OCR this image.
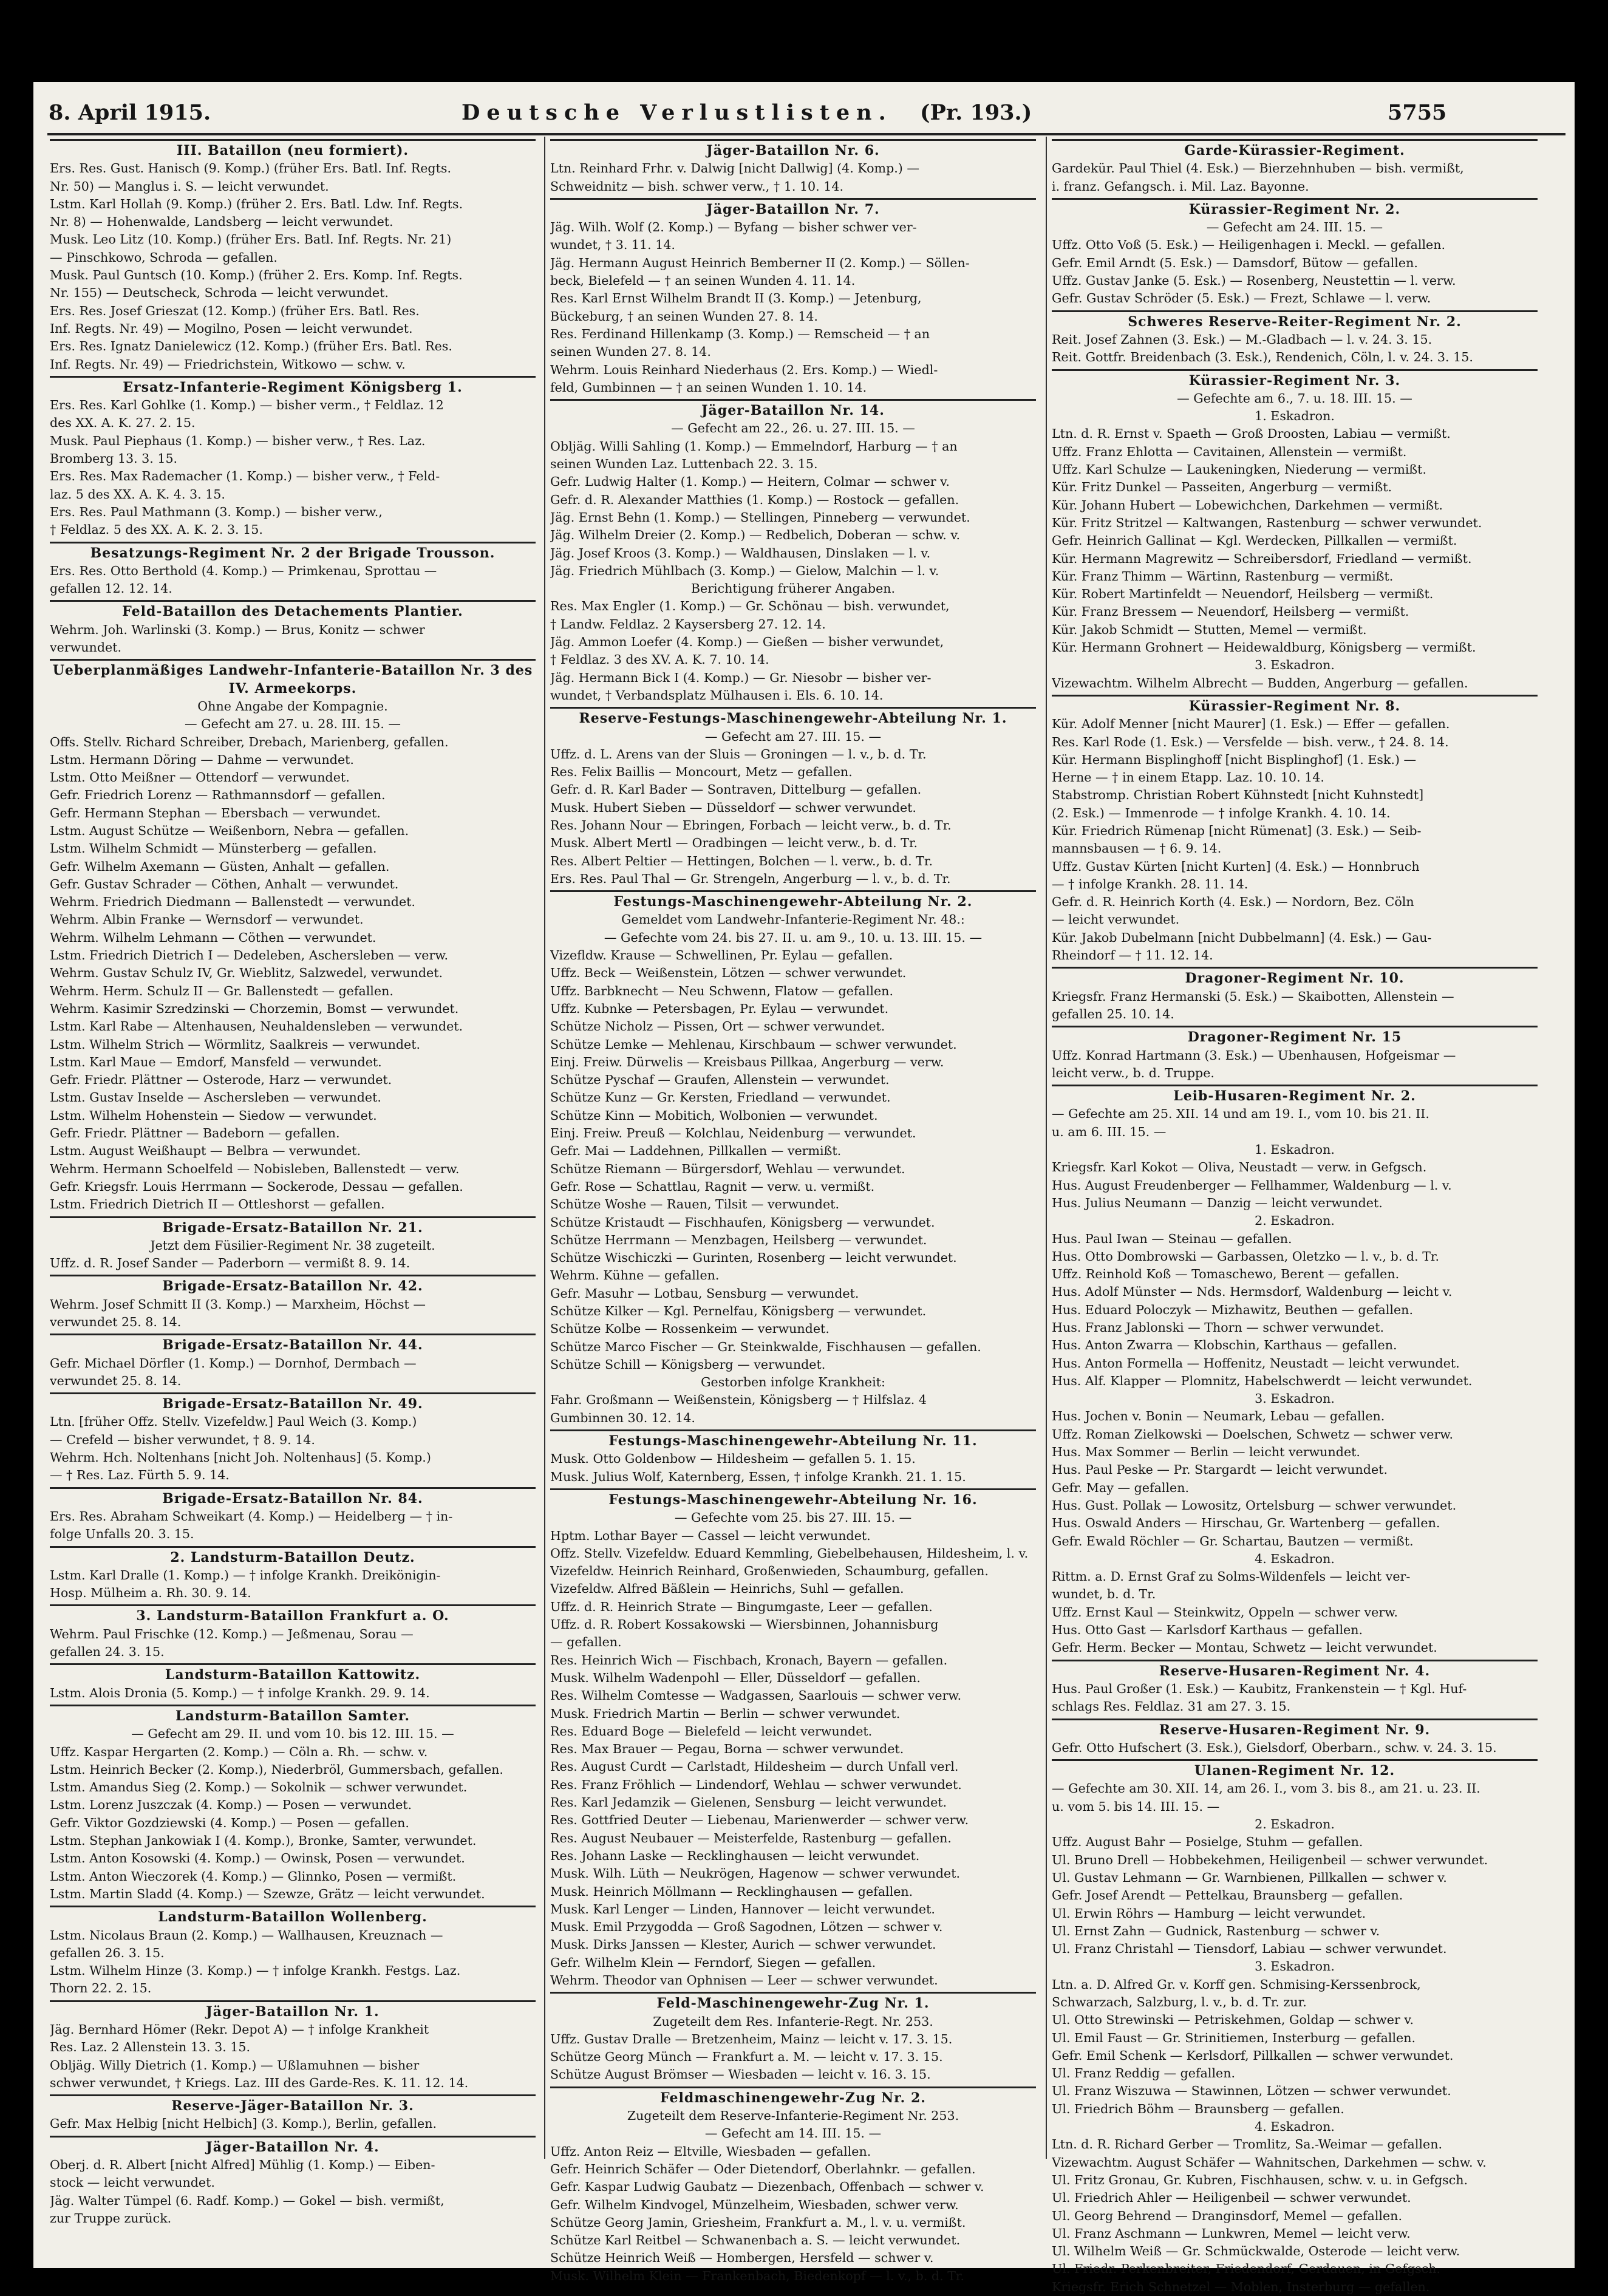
8. April 1915.	Deutsche Verlustlisten. (Pr. 193.)	5755
III. Bataillon (neu formiert).
Ers. Res. Gust. Hanisch (9. Komp.) (früher Ers. Batl. Inf. Regts.
Nr. 50) — Manglus i. S. — leicht verwundet.
Lstm. Karl Hollah (9. Komp.) (früher 2. Ers. Batl. Ldw. Inf. Regts.
Nr. 8) — Hohenwalde, Landsberg — leicht verwundet.
Musk. Leo Litz (10. Komp.) (früher Ers. Batl. Inf. Regts. Nr. 21)
— Pinschkowo, Schroda — gefallen.
Musk. Paul Guntsch (10. Komp.) (früher 2. Ers. Komp. Inf. Regts.
Nr. 155) — Deutscheck, Schroda — leicht verwundet.
Ers. Res. Josef Grieszat (12. Komp.) (früher Ers. Batl. Res.
Inf. Regts. Nr. 49) — Mogilno, Posen — leicht verwundet.
Ers. Res. Ignatz Danielewicz (12. Komp.) (früher Ers. Batl. Res.
Inf. Regts. Nr. 49) — Friedrichstein, Witkowo — schw. v.
Ersatz-Infanterie-Regiment Königsberg 1.
Ers. Res. Karl Gohlke (1. Komp.) — bisher verm., † Feldlaz. 12
des XX. A. K. 27. 2. 15.
Musk. Paul Piephaus (1. Komp.) — bisher verw., † Res. Laz.
Bromberg 13. 3. 15.
Ers. Res. Max Rademacher (1. Komp.) — bisher verw., † Feld-
laz. 5 des XX. A. K. 4. 3. 15.
Ers. Res. Paul Mathmann (3. Komp.) — bisher verw.,
† Feldlaz. 5 des XX. A. K. 2. 3. 15.
Besatzungs-Regiment Nr. 2 der Brigade Trousson.
Ers. Res. Otto Berthold (4. Komp.) — Primkenau, Sprottau —
gefallen 12. 12. 14.
Feld-Bataillon des Detachements Plantier.
Wehrm. Joh. Warlinski (3. Komp.) — Brus, Konitz — schwer
verwundet.
Ueberplanmäßiges Landwehr-Infanterie-Bataillon Nr. 3 des IV. Armeekorps.
Ohne Angabe der Kompagnie.
— Gefecht am 27. u. 28. III. 15. —
Offs. Stellv. Richard Schreiber, Drebach, Marienberg, gefallen.
Lstm. Hermann Döring — Dahme — verwundet.
Lstm. Otto Meißner — Ottendorf — verwundet.
Gefr. Friedrich Lorenz — Rathmannsdorf — gefallen.
Gefr. Hermann Stephan — Ebersbach — verwundet.
Lstm. August Schütze — Weißenborn, Nebra — gefallen.
Lstm. Wilhelm Schmidt — Münsterberg — gefallen.
Gefr. Wilhelm Axemann — Güsten, Anhalt — gefallen.
Gefr. Gustav Schrader — Cöthen, Anhalt — verwundet.
Wehrm. Friedrich Diedmann — Ballenstedt — verwundet.
Wehrm. Albin Franke — Wernsdorf — verwundet.
Wehrm. Wilhelm Lehmann — Cöthen — verwundet.
Lstm. Friedrich Dietrich I — Dedeleben, Aschersleben — verw.
Wehrm. Gustav Schulz IV, Gr. Wieblitz, Salzwedel, verwundet.
Wehrm. Herm. Schulz II — Gr. Ballenstedt — gefallen.
Wehrm. Kasimir Szredzinski — Chorzemin, Bomst — verwundet.
Lstm. Karl Rabe — Altenhausen, Neuhaldensleben — verwundet.
Lstm. Wilhelm Strich — Wörmlitz, Saalkreis — verwundet.
Lstm. Karl Maue — Emdorf, Mansfeld — verwundet.
Gefr. Friedr. Plättner — Osterode, Harz — verwundet.
Lstm. Gustav Inselde — Aschersleben — verwundet.
Lstm. Wilhelm Hohenstein — Siedow — verwundet.
Gefr. Friedr. Plättner — Badeborn — gefallen.
Lstm. August Weißhaupt — Belbra — verwundet.
Wehrm. Hermann Schoelfeld — Nobisleben, Ballenstedt — verw.
Gefr. Kriegsfr. Louis Herrmann — Sockerode, Dessau — gefallen.
Lstm. Friedrich Dietrich II — Ottleshorst — gefallen.
Brigade-Ersatz-Bataillon Nr. 21.
Jetzt dem Füsilier-Regiment Nr. 38 zugeteilt.
Uffz. d. R. Josef Sander — Paderborn — vermißt 8. 9. 14.
Brigade-Ersatz-Bataillon Nr. 42.
Wehrm. Josef Schmitt II (3. Komp.) — Marxheim, Höchst —
verwundet 25. 8. 14.
Brigade-Ersatz-Bataillon Nr. 44.
Gefr. Michael Dörfler (1. Komp.) — Dornhof, Dermbach —
verwundet 25. 8. 14.
Brigade-Ersatz-Bataillon Nr. 49.
Ltn. [früher Offz. Stellv. Vizefeldw.] Paul Weich (3. Komp.)
— Crefeld — bisher verwundet, † 8. 9. 14.
Wehrm. Hch. Noltenhans [nicht Joh. Noltenhaus] (5. Komp.)
— † Res. Laz. Fürth 5. 9. 14.
Brigade-Ersatz-Bataillon Nr. 84.
Ers. Res. Abraham Schweikart (4. Komp.) — Heidelberg — † in-
folge Unfalls 20. 3. 15.
2. Landsturm-Bataillon Deutz.
Lstm. Karl Dralle (1. Komp.) — † infolge Krankh. Dreikönigin-
Hosp. Mülheim a. Rh. 30. 9. 14.
3. Landsturm-Bataillon Frankfurt a. O.
Wehrm. Paul Frischke (12. Komp.) — Jeßmenau, Sorau —
gefallen 24. 3. 15.
Landsturm-Bataillon Kattowitz.
Lstm. Alois Dronia (5. Komp.) — † infolge Krankh. 29. 9. 14.
Landsturm-Bataillon Samter.
— Gefecht am 29. II. und vom 10. bis 12. III. 15. —
Uffz. Kaspar Hergarten (2. Komp.) — Cöln a. Rh. — schw. v.
Lstm. Heinrich Becker (2. Komp.), Niederbröl, Gummersbach, gefallen.
Lstm. Amandus Sieg (2. Komp.) — Sokolnik — schwer verwundet.
Lstm. Lorenz Juszczak (4. Komp.) — Posen — verwundet.
Gefr. Viktor Gozdziewski (4. Komp.) — Posen — gefallen.
Lstm. Stephan Jankowiak I (4. Komp.), Bronke, Samter, verwundet.
Lstm. Anton Kosowski (4. Komp.) — Owinsk, Posen — verwundet.
Lstm. Anton Wieczorek (4. Komp.) — Glinnko, Posen — vermißt.
Lstm. Martin Sladd (4. Komp.) — Szewze, Grätz — leicht verwundet.
Landsturm-Bataillon Wollenberg.
Lstm. Nicolaus Braun (2. Komp.) — Wallhausen, Kreuznach —
gefallen 26. 3. 15.
Lstm. Wilhelm Hinze (3. Komp.) — † infolge Krankh. Festgs. Laz.
Thorn 22. 2. 15.
Jäger-Bataillon Nr. 1.
Jäg. Bernhard Hömer (Rekr. Depot A) — † infolge Krankheit
Res. Laz. 2 Allenstein 13. 3. 15.
Obljäg. Willy Dietrich (1. Komp.) — Ußlamuhnen — bisher
schwer verwundet, † Kriegs. Laz. III des Garde-Res. K. 11. 12. 14.
Reserve-Jäger-Bataillon Nr. 3.
Gefr. Max Helbig [nicht Helbich] (3. Komp.), Berlin, gefallen.
Jäger-Bataillon Nr. 4.
Oberj. d. R. Albert [nicht Alfred] Mühlig (1. Komp.) — Eiben-
stock — leicht verwundet.
Jäg. Walter Tümpel (6. Radf. Komp.) — Gokel — bish. vermißt,
zur Truppe zurück.
Jäger-Bataillon Nr. 6.
Ltn. Reinhard Frhr. v. Dalwig [nicht Dallwig] (4. Komp.) —
Schweidnitz — bish. schwer verw., † 1. 10. 14.
Jäger-Bataillon Nr. 7.
Jäg. Wilh. Wolf (2. Komp.) — Byfang — bisher schwer ver-
wundet, † 3. 11. 14.
Jäg. Hermann August Heinrich Bemberner II (2. Komp.) — Söllen-
beck, Bielefeld — † an seinen Wunden 4. 11. 14.
Res. Karl Ernst Wilhelm Brandt II (3. Komp.) — Jetenburg,
Bückeburg, † an seinen Wunden 27. 8. 14.
Res. Ferdinand Hillenkamp (3. Komp.) — Remscheid — † an
seinen Wunden 27. 8. 14.
Wehrm. Louis Reinhard Niederhaus (2. Ers. Komp.) — Wiedl-
feld, Gumbinnen — † an seinen Wunden 1. 10. 14.
Jäger-Bataillon Nr. 14.
— Gefecht am 22., 26. u. 27. III. 15. —
Obljäg. Willi Sahling (1. Komp.) — Emmelndorf, Harburg — † an
seinen Wunden Laz. Luttenbach 22. 3. 15.
Gefr. Ludwig Halter (1. Komp.) — Heitern, Colmar — schwer v.
Gefr. d. R. Alexander Matthies (1. Komp.) — Rostock — gefallen.
Jäg. Ernst Behn (1. Komp.) — Stellingen, Pinneberg — verwundet.
Jäg. Wilhelm Dreier (2. Komp.) — Redbelich, Doberan — schw. v.
Jäg. Josef Kroos (3. Komp.) — Waldhausen, Dinslaken — l. v.
Jäg. Friedrich Mühlbach (3. Komp.) — Gielow, Malchin — l. v.
Berichtigung früherer Angaben.
Res. Max Engler (1. Komp.) — Gr. Schönau — bish. verwundet,
† Landw. Feldlaz. 2 Kaysersberg 27. 12. 14.
Jäg. Ammon Loefer (4. Komp.) — Gießen — bisher verwundet,
† Feldlaz. 3 des XV. A. K. 7. 10. 14.
Jäg. Hermann Bick I (4. Komp.) — Gr. Niesobr — bisher ver-
wundet, † Verbandsplatz Mülhausen i. Els. 6. 10. 14.
Reserve-Festungs-Maschinengewehr-Abteilung Nr. 1.
— Gefecht am 27. III. 15. —
Uffz. d. L. Arens van der Sluis — Groningen — l. v., b. d. Tr.
Res. Felix Baillis — Moncourt, Metz — gefallen.
Gefr. d. R. Karl Bader — Sontraven, Dittelburg — gefallen.
Musk. Hubert Sieben — Düsseldorf — schwer verwundet.
Res. Johann Nour — Ebringen, Forbach — leicht verw., b. d. Tr.
Musk. Albert Mertl — Oradbingen — leicht verw., b. d. Tr.
Res. Albert Peltier — Hettingen, Bolchen — l. verw., b. d. Tr.
Ers. Res. Paul Thal — Gr. Strengeln, Angerburg — l. v., b. d. Tr.
Festungs-Maschinengewehr-Abteilung Nr. 2.
Gemeldet vom Landwehr-Infanterie-Regiment Nr. 48.:
— Gefechte vom 24. bis 27. II. u. am 9., 10. u. 13. III. 15. —
Vizefldw. Krause — Schwellinen, Pr. Eylau — gefallen.
Uffz. Beck — Weißenstein, Lötzen — schwer verwundet.
Uffz. Barbknecht — Neu Schwenn, Flatow — gefallen.
Uffz. Kubnke — Petersbagen, Pr. Eylau — verwundet.
Schütze Nicholz — Pissen, Ort — schwer verwundet.
Schütze Lemke — Mehlenau, Kirschbaum — schwer verwundet.
Einj. Freiw. Dürwelis — Kreisbaus Pillkaa, Angerburg — verw.
Schütze Pyschaf — Graufen, Allenstein — verwundet.
Schütze Kunz — Gr. Kersten, Friedland — verwundet.
Schütze Kinn — Mobitich, Wolbonien — verwundet.
Einj. Freiw. Preuß — Kolchlau, Neidenburg — verwundet.
Gefr. Mai — Laddehnen, Pillkallen — vermißt.
Schütze Riemann — Bürgersdorf, Wehlau — verwundet.
Gefr. Rose — Schattlau, Ragnit — verw. u. vermißt.
Schütze Woshe — Rauen, Tilsit — verwundet.
Schütze Kristaudt — Fischhaufen, Königsberg — verwundet.
Schütze Herrmann — Menzbagen, Heilsberg — verwundet.
Schütze Wischiczki — Gurinten, Rosenberg — leicht verwundet.
Wehrm. Kühne — gefallen.
Gefr. Masuhr — Lotbau, Sensburg — verwundet.
Schütze Kilker — Kgl. Pernelfau, Königsberg — verwundet.
Schütze Kolbe — Rossenkeim — verwundet.
Schütze Marco Fischer — Gr. Steinkwalde, Fischhausen — gefallen.
Schütze Schill — Königsberg — verwundet.
Gestorben infolge Krankheit:
Fahr. Großmann — Weißenstein, Königsberg — † Hilfslaz. 4
Gumbinnen 30. 12. 14.
Festungs-Maschinengewehr-Abteilung Nr. 11.
Musk. Otto Goldenbow — Hildesheim — gefallen 5. 1. 15.
Musk. Julius Wolf, Katernberg, Essen, † infolge Krankh. 21. 1. 15.
Festungs-Maschinengewehr-Abteilung Nr. 16.
— Gefechte vom 25. bis 27. III. 15. —
Hptm. Lothar Bayer — Cassel — leicht verwundet.
Offz. Stellv. Vizefeldw. Eduard Kemmling, Giebelbehausen, Hildesheim, l. v.
Vizefeldw. Heinrich Reinhard, Großenwieden, Schaumburg, gefallen.
Vizefeldw. Alfred Bäßlein — Heinrichs, Suhl — gefallen.
Uffz. d. R. Heinrich Strate — Bingumgaste, Leer — gefallen.
Uffz. d. R. Robert Kossakowski — Wiersbinnen, Johannisburg
— gefallen.
Res. Heinrich Wich — Fischbach, Kronach, Bayern — gefallen.
Musk. Wilhelm Wadenpohl — Eller, Düsseldorf — gefallen.
Res. Wilhelm Comtesse — Wadgassen, Saarlouis — schwer verw.
Musk. Friedrich Martin — Berlin — schwer verwundet.
Res. Eduard Boge — Bielefeld — leicht verwundet.
Res. Max Brauer — Pegau, Borna — schwer verwundet.
Res. August Curdt — Carlstadt, Hildesheim — durch Unfall verl.
Res. Franz Fröhlich — Lindendorf, Wehlau — schwer verwundet.
Res. Karl Jedamzik — Gielenen, Sensburg — leicht verwundet.
Res. Gottfried Deuter — Liebenau, Marienwerder — schwer verw.
Res. August Neubauer — Meisterfelde, Rastenburg — gefallen.
Res. Johann Laske — Recklinghausen — leicht verwundet.
Musk. Wilh. Lüth — Neukrögen, Hagenow — schwer verwundet.
Musk. Heinrich Möllmann — Recklinghausen — gefallen.
Musk. Karl Lenger — Linden, Hannover — leicht verwundet.
Musk. Emil Przygodda — Groß Sagodnen, Lötzen — schwer v.
Musk. Dirks Janssen — Klester, Aurich — schwer verwundet.
Gefr. Wilhelm Klein — Ferndorf, Siegen — gefallen.
Wehrm. Theodor van Ophnisen — Leer — schwer verwundet.
Feld-Maschinengewehr-Zug Nr. 1.
Zugeteilt dem Res. Infanterie-Regt. Nr. 253.
Uffz. Gustav Dralle — Bretzenheim, Mainz — leicht v. 17. 3. 15.
Schütze Georg Münch — Frankfurt a. M. — leicht v. 17. 3. 15.
Schütze August Brömser — Wiesbaden — leicht v. 16. 3. 15.
Feldmaschinengewehr-Zug Nr. 2.
Zugeteilt dem Reserve-Infanterie-Regiment Nr. 253.
— Gefecht am 14. III. 15. —
Uffz. Anton Reiz — Eltville, Wiesbaden — gefallen.
Gefr. Heinrich Schäfer — Oder Dietendorf, Oberlahnkr. — gefallen.
Gefr. Kaspar Ludwig Gaubatz — Diezenbach, Offenbach — schwer v.
Gefr. Wilhelm Kindvogel, Münzelheim, Wiesbaden, schwer verw.
Schütze Georg Jamin, Griesheim, Frankfurt a. M., l. v. u. vermißt.
Schütze Karl Reitbel — Schwanenbach a. S. — leicht verwundet.
Schütze Heinrich Weiß — Hombergen, Hersfeld — schwer v.
Musk. Wilhelm Klein — Frankenbach, Biedenkopf — l. v., b. d. Tr.
Garde-Kürassier-Regiment.
Gardekür. Paul Thiel (4. Esk.) — Bierzehnhuben — bish. vermißt,
i. franz. Gefangsch. i. Mil. Laz. Bayonne.
Kürassier-Regiment Nr. 2.
— Gefecht am 24. III. 15. —
Uffz. Otto Voß (5. Esk.) — Heiligenhagen i. Meckl. — gefallen.
Gefr. Emil Arndt (5. Esk.) — Damsdorf, Bütow — gefallen.
Uffz. Gustav Janke (5. Esk.) — Rosenberg, Neustettin — l. verw.
Gefr. Gustav Schröder (5. Esk.) — Frezt, Schlawe — l. verw.
Schweres Reserve-Reiter-Regiment Nr. 2.
Reit. Josef Zahnen (3. Esk.) — M.-Gladbach — l. v. 24. 3. 15.
Reit. Gottfr. Breidenbach (3. Esk.), Rendenich, Cöln, l. v. 24. 3. 15.
Kürassier-Regiment Nr. 3.
— Gefechte am 6., 7. u. 18. III. 15. —
1. Eskadron.
Ltn. d. R. Ernst v. Spaeth — Groß Droosten, Labiau — vermißt.
Uffz. Franz Ehlotta — Cavitainen, Allenstein — vermißt.
Uffz. Karl Schulze — Laukeningken, Niederung — vermißt.
Kür. Fritz Dunkel — Passeiten, Angerburg — vermißt.
Kür. Johann Hubert — Lobewichchen, Darkehmen — vermißt.
Kür. Fritz Stritzel — Kaltwangen, Rastenburg — schwer verwundet.
Gefr. Heinrich Gallinat — Kgl. Werdecken, Pillkallen — vermißt.
Kür. Hermann Magrewitz — Schreibersdorf, Friedland — vermißt.
Kür. Franz Thimm — Wärtinn, Rastenburg — vermißt.
Kür. Robert Martinfeldt — Neuendorf, Heilsberg — vermißt.
Kür. Franz Bressem — Neuendorf, Heilsberg — vermißt.
Kür. Jakob Schmidt — Stutten, Memel — vermißt.
Kür. Hermann Grohnert — Heidewaldburg, Königsberg — vermißt.
3. Eskadron.
Vizewachtm. Wilhelm Albrecht — Budden, Angerburg — gefallen.
Kürassier-Regiment Nr. 8.
Kür. Adolf Menner [nicht Maurer] (1. Esk.) — Effer — gefallen.
Res. Karl Rode (1. Esk.) — Versfelde — bish. verw., † 24. 8. 14.
Kür. Hermann Bisplinghoff [nicht Bisplinghof] (1. Esk.) —
Herne — † in einem Etapp. Laz. 10. 10. 14.
Stabstromp. Christian Robert Kühnstedt [nicht Kuhnstedt]
(2. Esk.) — Immenrode — † infolge Krankh. 4. 10. 14.
Kür. Friedrich Rümenap [nicht Rümenat] (3. Esk.) — Seib-
mannsbausen — † 6. 9. 14.
Uffz. Gustav Kürten [nicht Kurten] (4. Esk.) — Honnbruch
— † infolge Krankh. 28. 11. 14.
Gefr. d. R. Heinrich Korth (4. Esk.) — Nordorn, Bez. Cöln
— leicht verwundet.
Kür. Jakob Dubelmann [nicht Dubbelmann] (4. Esk.) — Gau-
Rheindorf — † 11. 12. 14.
Dragoner-Regiment Nr. 10.
Kriegsfr. Franz Hermanski (5. Esk.) — Skaibotten, Allenstein —
gefallen 25. 10. 14.
Dragoner-Regiment Nr. 15
Uffz. Konrad Hartmann (3. Esk.) — Ubenhausen, Hofgeismar —
leicht verw., b. d. Truppe.
Leib-Husaren-Regiment Nr. 2.
— Gefechte am 25. XII. 14 und am 19. I., vom 10. bis 21. II.
u. am 6. III. 15. —
1. Eskadron.
Kriegsfr. Karl Kokot — Oliva, Neustadt — verw. in Gefgsch.
Hus. August Freudenberger — Fellhammer, Waldenburg — l. v.
Hus. Julius Neumann — Danzig — leicht verwundet.
2. Eskadron.
Hus. Paul Iwan — Steinau — gefallen.
Hus. Otto Dombrowski — Garbassen, Oletzko — l. v., b. d. Tr.
Uffz. Reinhold Koß — Tomaschewo, Berent — gefallen.
Hus. Adolf Münster — Nds. Hermsdorf, Waldenburg — leicht v.
Hus. Eduard Poloczyk — Mizhawitz, Beuthen — gefallen.
Hus. Franz Jablonski — Thorn — schwer verwundet.
Hus. Anton Zwarra — Klobschin, Karthaus — gefallen.
Hus. Anton Formella — Hoffenitz, Neustadt — leicht verwundet.
Hus. Alf. Klapper — Plomnitz, Habelschwerdt — leicht verwundet.
3. Eskadron.
Hus. Jochen v. Bonin — Neumark, Lebau — gefallen.
Uffz. Roman Zielkowski — Doelschen, Schwetz — schwer verw.
Hus. Max Sommer — Berlin — leicht verwundet.
Hus. Paul Peske — Pr. Stargardt — leicht verwundet.
Gefr. May — gefallen.
Hus. Gust. Pollak — Lowositz, Ortelsburg — schwer verwundet.
Hus. Oswald Anders — Hirschau, Gr. Wartenberg — gefallen.
Gefr. Ewald Röchler — Gr. Schartau, Bautzen — vermißt.
4. Eskadron.
Rittm. a. D. Ernst Graf zu Solms-Wildenfels — leicht ver-
wundet, b. d. Tr.
Uffz. Ernst Kaul — Steinkwitz, Oppeln — schwer verw.
Hus. Otto Gast — Karlsdorf Karthaus — gefallen.
Gefr. Herm. Becker — Montau, Schwetz — leicht verwundet.
Reserve-Husaren-Regiment Nr. 4.
Hus. Paul Großer (1. Esk.) — Kaubitz, Frankenstein — † Kgl. Huf-
schlags Res. Feldlaz. 31 am 27. 3. 15.
Reserve-Husaren-Regiment Nr. 9.
Gefr. Otto Hufschert (3. Esk.), Gielsdorf, Oberbarn., schw. v. 24. 3. 15.
Ulanen-Regiment Nr. 12.
— Gefechte am 30. XII. 14, am 26. I., vom 3. bis 8., am 21. u. 23. II.
u. vom 5. bis 14. III. 15. —
2. Eskadron.
Uffz. August Bahr — Posielge, Stuhm — gefallen.
Ul. Bruno Drell — Hobbekehmen, Heiligenbeil — schwer verwundet.
Ul. Gustav Lehmann — Gr. Warnbienen, Pillkallen — schwer v.
Gefr. Josef Arendt — Pettelkau, Braunsberg — gefallen.
Ul. Erwin Röhrs — Hamburg — leicht verwundet.
Ul. Ernst Zahn — Gudnick, Rastenburg — schwer v.
Ul. Franz Christahl — Tiensdorf, Labiau — schwer verwundet.
3. Eskadron.
Ltn. a. D. Alfred Gr. v. Korff gen. Schmising-Kerssenbrock,
Schwarzach, Salzburg, l. v., b. d. Tr. zur.
Ul. Otto Strewinski — Petriskehmen, Goldap — schwer v.
Ul. Emil Faust — Gr. Strinitiemen, Insterburg — gefallen.
Gefr. Emil Schenk — Kerlsdorf, Pillkallen — schwer verwundet.
Ul. Franz Reddig — gefallen.
Ul. Franz Wiszuwa — Stawinnen, Lötzen — schwer verwundet.
Ul. Friedrich Böhm — Braunsberg — gefallen.
4. Eskadron.
Ltn. d. R. Richard Gerber — Tromlitz, Sa.-Weimar — gefallen.
Vizewachtm. August Schäfer — Wahnitschen, Darkehmen — schw. v.
Ul. Fritz Gronau, Gr. Kubren, Fischhausen, schw. v. u. in Gefgsch.
Ul. Friedrich Ahler — Heiligenbeil — schwer verwundet.
Ul. Georg Behrend — Dranginsdorf, Memel — gefallen.
Ul. Franz Aschmann — Lunkwren, Memel — leicht verw.
Ul. Wilhelm Weiß — Gr. Schmückwalde, Osterode — leicht verw.
Ul. Friedr. Perkenbreiter, Friedendorf, Gerdauen, in Gefgsch.
Kriegsfr. Erich Schnetzel — Moblen, Insterburg — gefallen.
